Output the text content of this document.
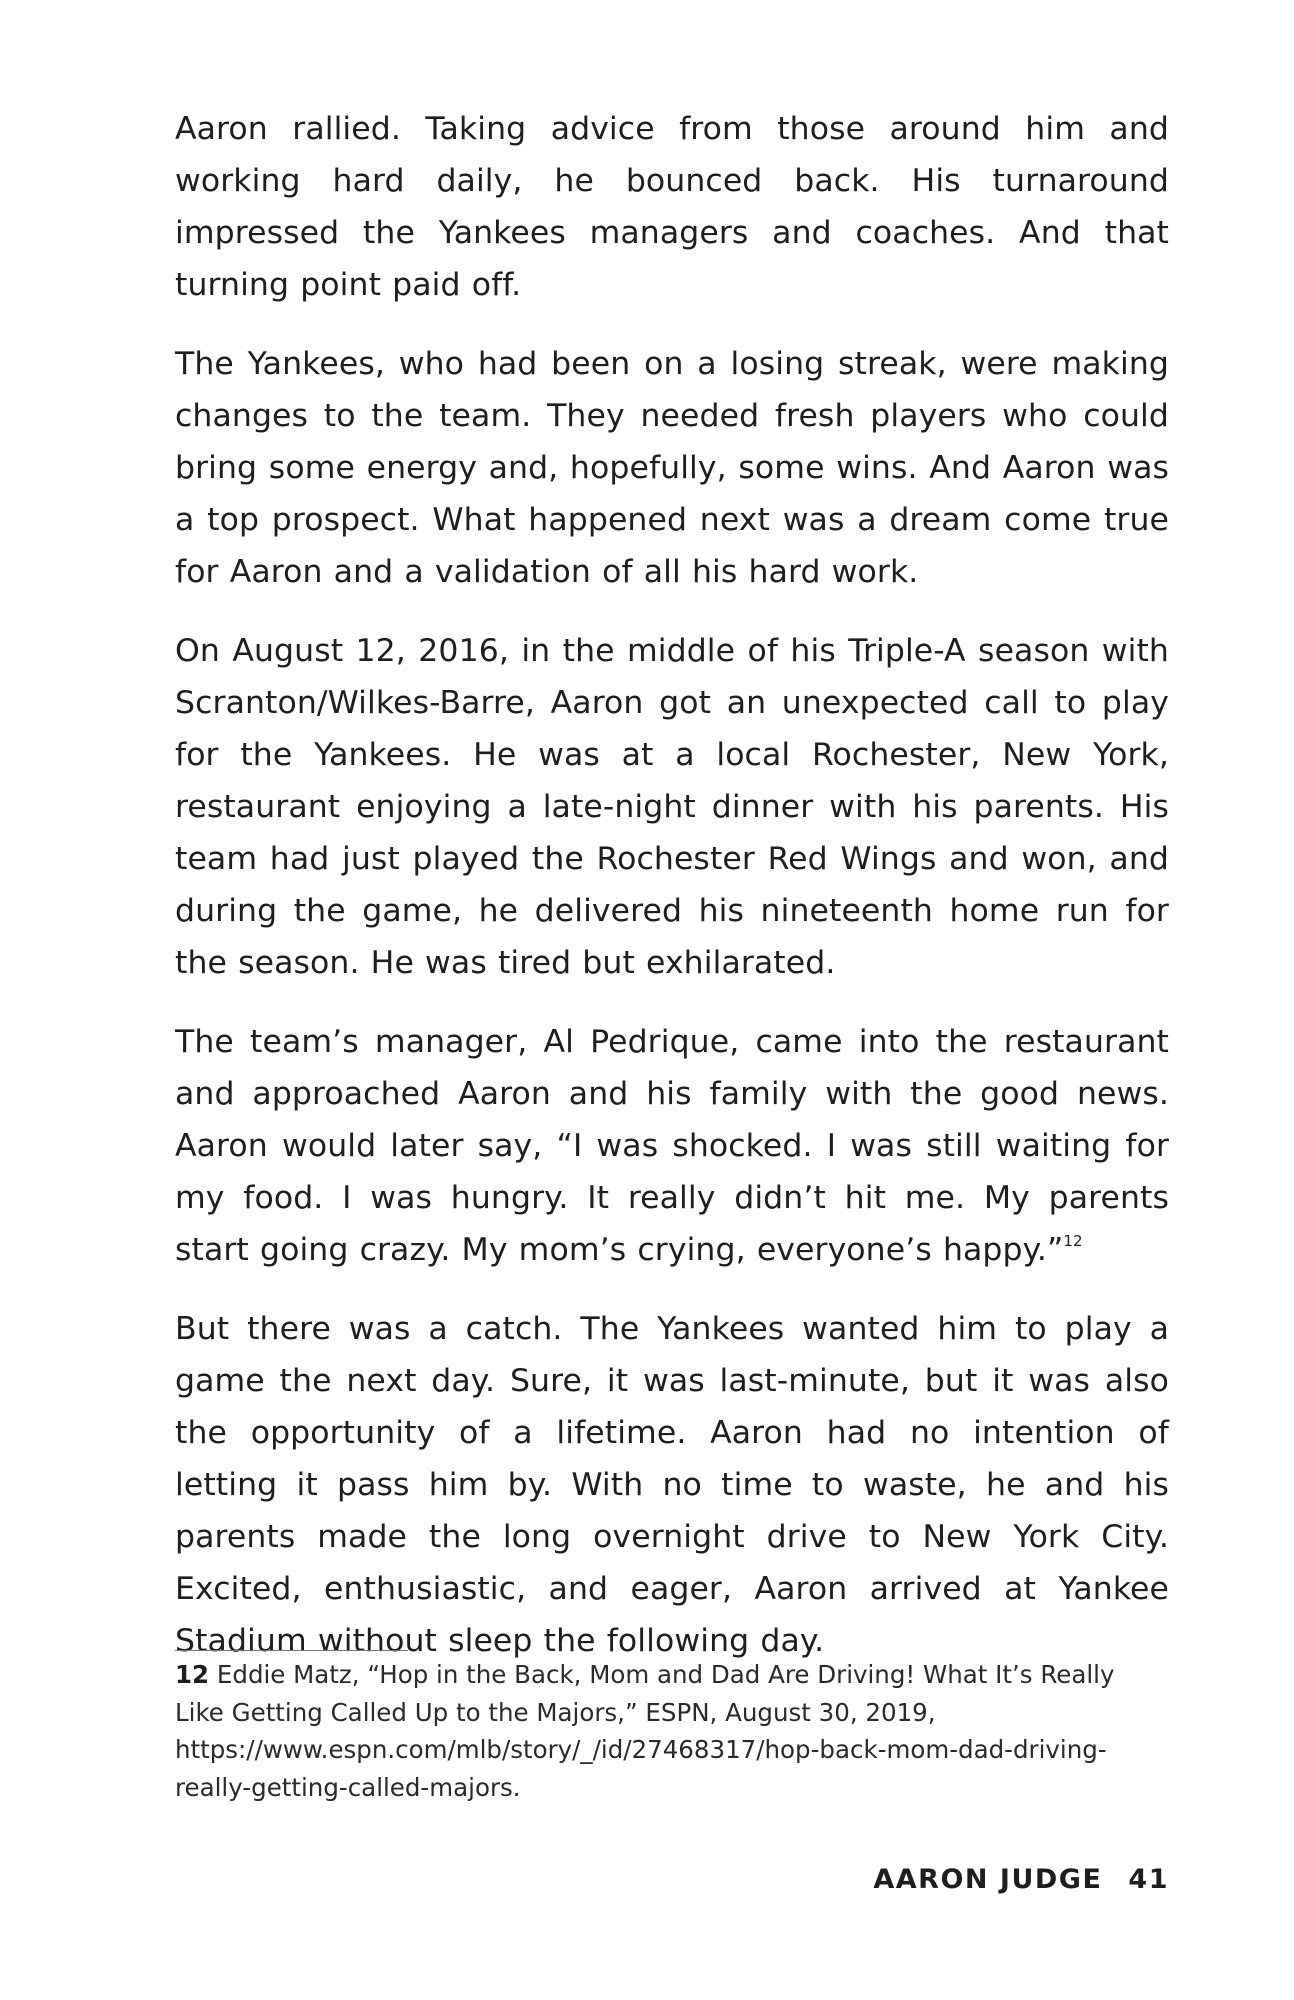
Aaron rallied. Taking advice from those around him and working hard daily, he bounced back. His turnaround impressed the Yankees managers and coaches. And that turning point paid off.

The Yankees, who had been on a losing streak, were making changes to the team. They needed fresh players who could bring some energy and, hopefully, some wins. And Aaron was a top prospect. What happened next was a dream come true for Aaron and a validation of all his hard work.

On August 12, 2016, in the middle of his Triple-A season with Scranton/Wilkes-Barre, Aaron got an unexpected call to play for the Yankees. He was at a local Rochester, New York, restaurant enjoying a late-night dinner with his parents. His team had just played the Rochester Red Wings and won, and during the game, he delivered his nineteenth home run for the season. He was tired but exhilarated.

The team’s manager, Al Pedrique, came into the restaurant and approached Aaron and his family with the good news. Aaron would later say, “I was shocked. I was still waiting for my food. I was hungry. It really didn’t hit me. My parents start going crazy. My mom’s crying, everyone’s happy.”$^{12}$

But there was a catch. The Yankees wanted him to play a game the next day. Sure, it was last-minute, but it was also the opportunity of a lifetime. Aaron had no intention of letting it pass him by. With no time to waste, he and his parents made the long overnight drive to New York City. Excited, enthusiastic, and eager, Aaron arrived at Yankee Stadium without sleep the following day.

12 Eddie Matz, “Hop in the Back, Mom and Dad Are Driving! What It’s Really Like Getting Called Up to the Majors,” ESPN, August 30, 2019, https://www.espn.com/mlb/story/_/id/27468317/hop-back-mom-dad-driving-really-getting-called-majors.
AARON JUDGE 41
